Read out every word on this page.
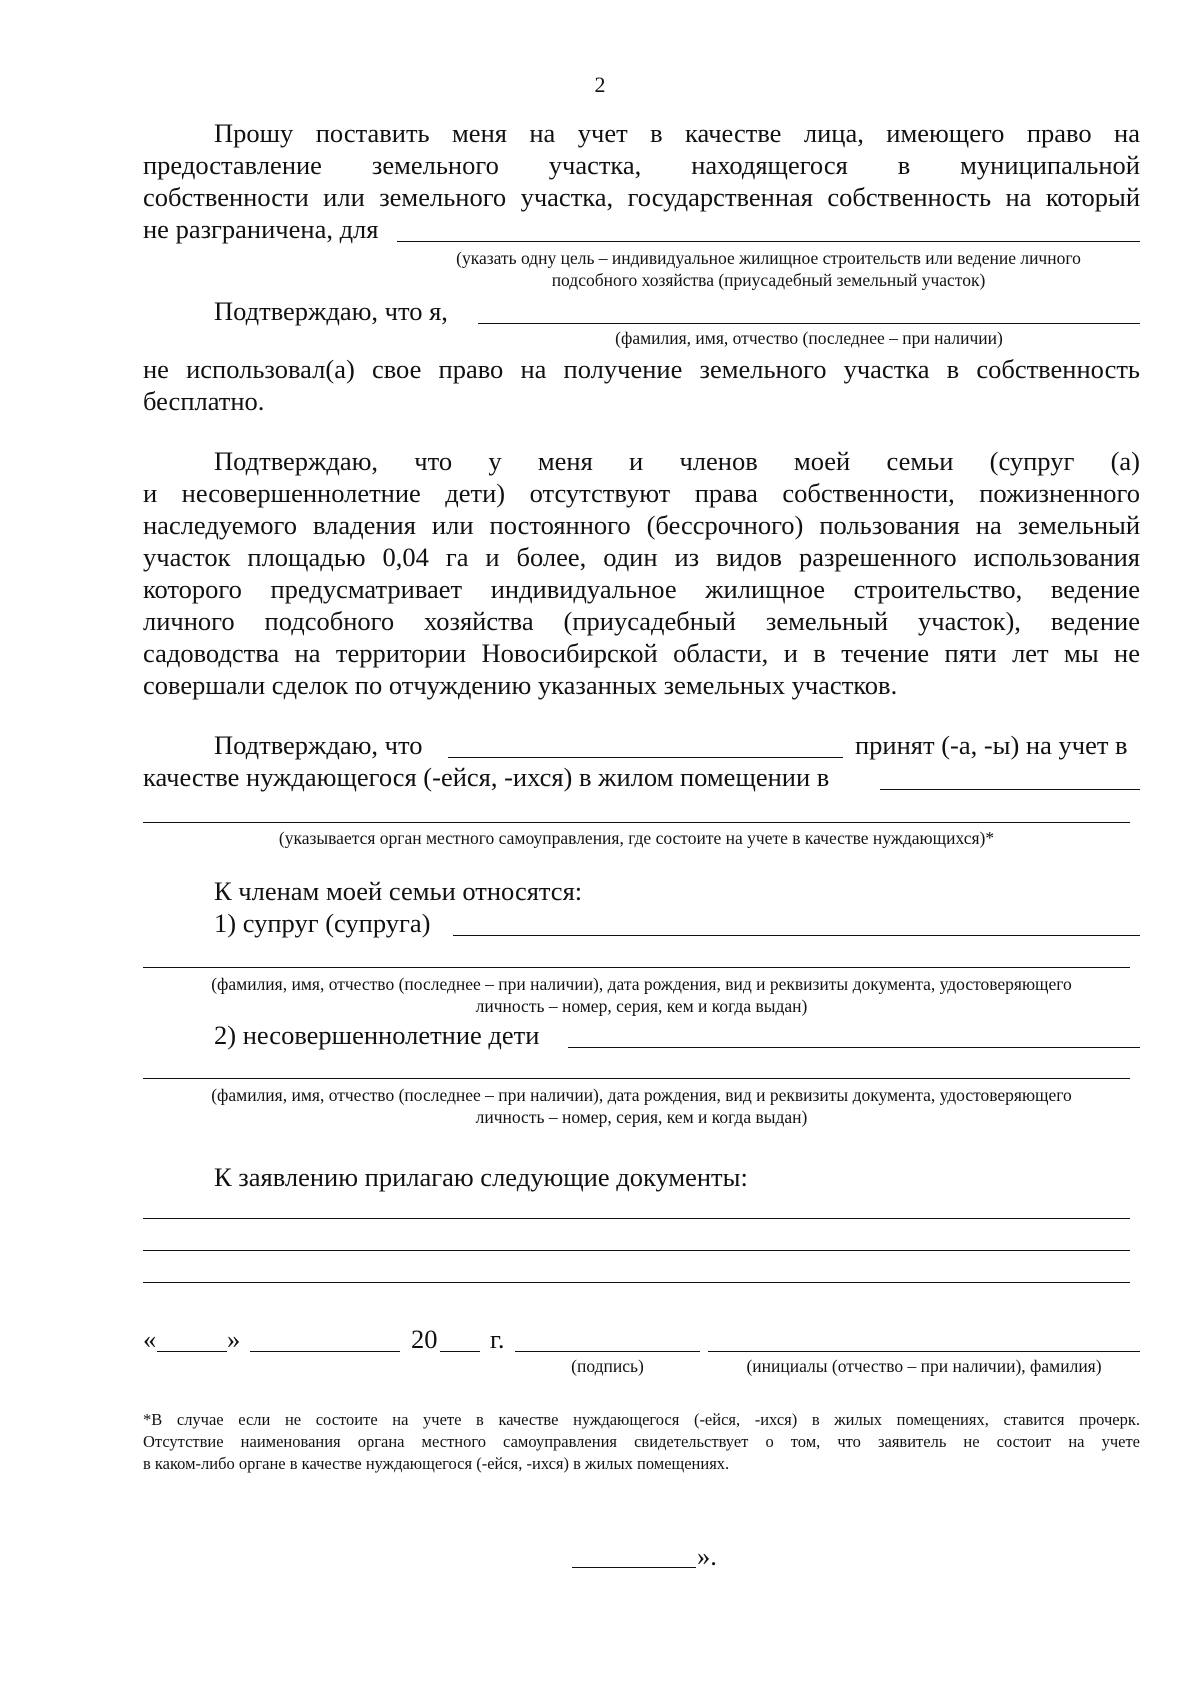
2
Прошу поставить меня на учет в качестве лица, имеющего право на
предоставление земельного участка, находящегося в муниципальной
собственности или земельного участка, государственная собственность на который
не разграничена, для
(указать одну цель – индивидуальное жилищное строительств или ведение личного
подсобного хозяйства (приусадебный земельный участок)
Подтверждаю, что я,
(фамилия, имя, отчество (последнее – при наличии)
не использовал(а) свое право на получение земельного участка в собственность
бесплатно.
Подтверждаю, что у меня и членов моей семьи (супруг (а)
и несовершеннолетние дети) отсутствуют права собственности, пожизненного
наследуемого владения или постоянного (бессрочного) пользования на земельный
участок площадью 0,04 га и более, один из видов разрешенного использования
которого предусматривает индивидуальное жилищное строительство, ведение
личного подсобного хозяйства (приусадебный земельный участок), ведение
садоводства на территории Новосибирской области, и в течение пяти лет мы не
совершали сделок по отчуждению указанных земельных участков.
Подтверждаю, что	принят (-а, -ы) на учет в
качестве нуждающегося (-ейся, -ихся) в жилом помещении в
(указывается орган местного самоуправления, где состоите на учете в качестве нуждающихся)*
К членам моей семьи относятся:
1) супруг (супруга)
(фамилия, имя, отчество (последнее – при наличии), дата рождения, вид и реквизиты документа, удостоверяющего
личность – номер, серия, кем и когда выдан)
2) несовершеннолетние дети
(фамилия, имя, отчество (последнее – при наличии), дата рождения, вид и реквизиты документа, удостоверяющего
личность – номер, серия, кем и когда выдан)
К заявлению прилагаю следующие документы:
«	»	20 г.
(подпись)	(инициалы (отчество – при наличии), фамилия)
*В случае если не состоите на учете в качестве нуждающегося (-ейся, -ихся) в жилых помещениях, ставится прочерк.
Отсутствие наименования органа местного самоуправления свидетельствует о том, что заявитель не состоит на учете
в каком-либо органе в качестве нуждающегося (-ейся, -ихся) в жилых помещениях.
».
